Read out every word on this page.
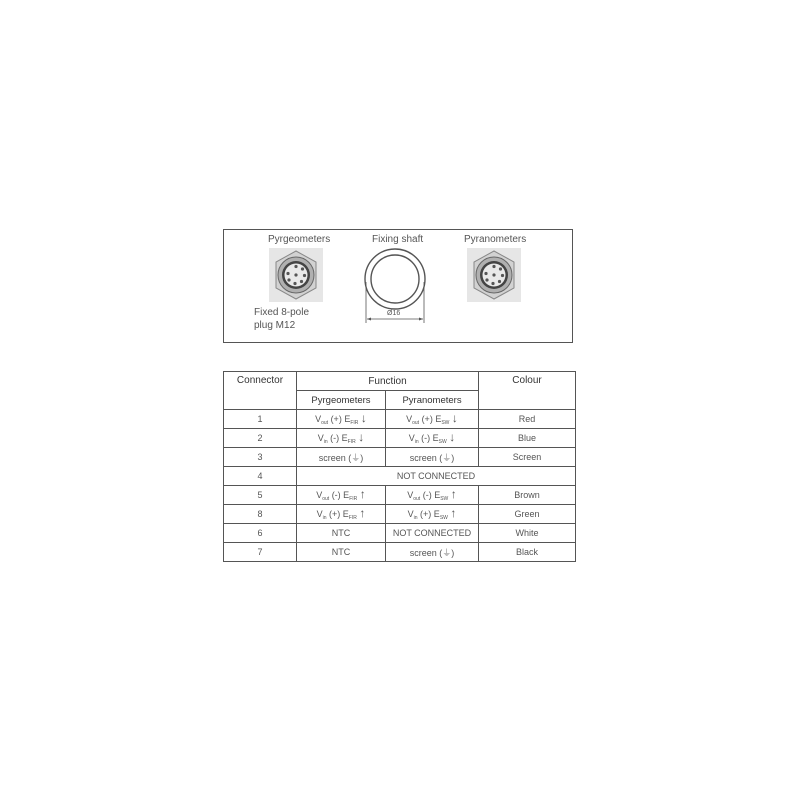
Pyrgeometers	Fixing shaft	Pyranometers
Fixed 8-pole
plug M12
Ø16
Connector	Function		Colour
	Pyrgeometers	Pyranometers	
1	$V_{out}$ (+) $E_{FIR}$ ↓	$V_{out}$ (+) $E_{SW}$ ↓	Red
2	$V_{in}$ (-) $E_{FIR}$ ↓	$V_{in}$ (-) $E_{SW}$ ↓	Blue
3	screen (⏚)	screen (⏚)	Screen
4	NOT CONNECTED		
5	$V_{out}$ (-) $E_{FIR}$ ↑	$V_{out}$ (-) $E_{SW}$ ↑	Brown
8	$V_{in}$ (+) $E_{FIR}$ ↑	$V_{in}$ (+) $E_{SW}$ ↑	Green
6	NTC	NOT CONNECTED	White
7	NTC	screen (⏚)	Black
